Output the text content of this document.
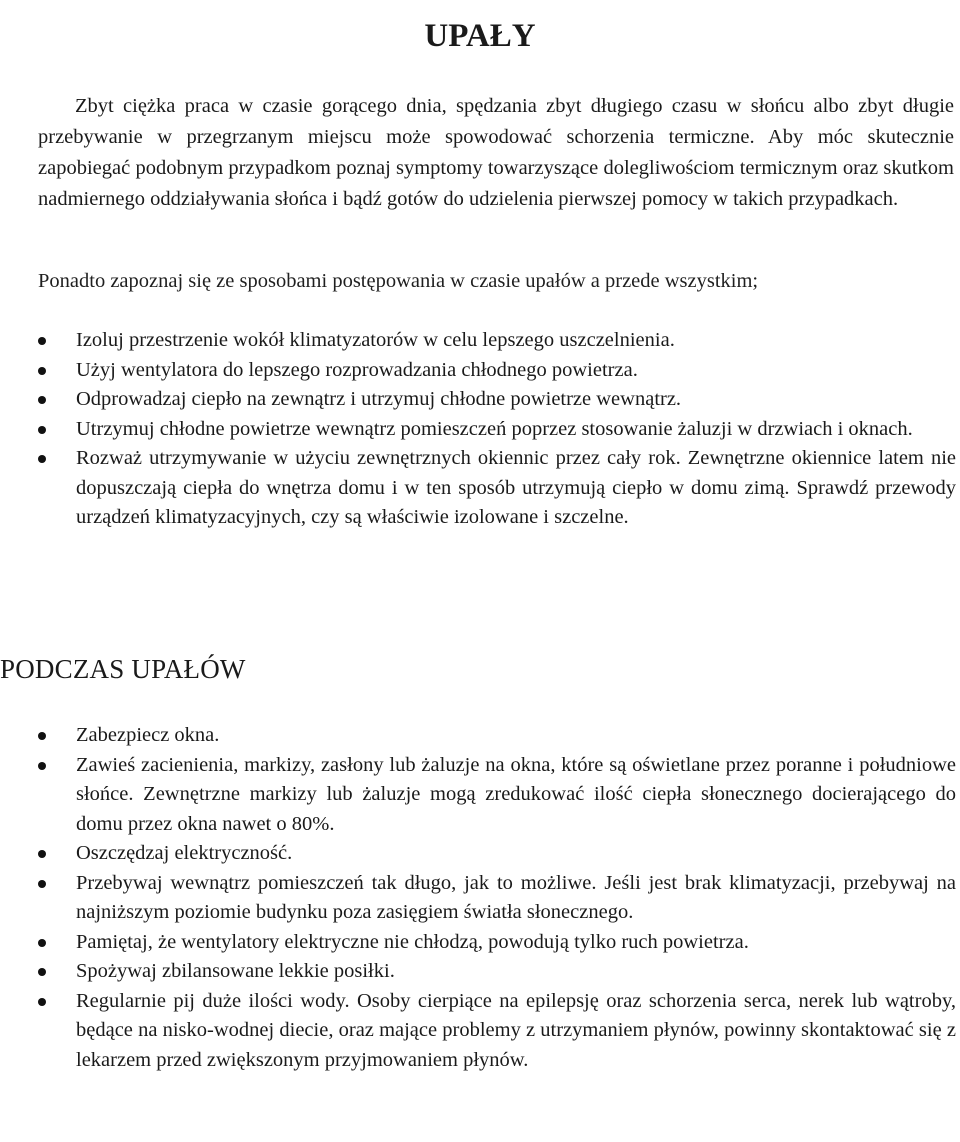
UPAŁY

Zbyt ciężka praca w czasie gorącego dnia, spędzania zbyt długiego czasu w słońcu albo zbyt długie przebywanie w przegrzanym miejscu może spowodować schorzenia termiczne. Aby móc skutecznie zapobiegać podobnym przypadkom poznaj symptomy towarzyszące dolegliwościom termicznym oraz skutkom nadmiernego oddziaływania słońca i bądź gotów do udzielenia pierwszej pomocy w takich przypadkach.

Ponadto zapoznaj się ze sposobami postępowania w czasie upałów a przede wszystkim;

Izoluj przestrzenie wokół klimatyzatorów w celu lepszego uszczelnienia.
Użyj wentylatora do lepszego rozprowadzania chłodnego powietrza.
Odprowadzaj ciepło na zewnątrz i utrzymuj chłodne powietrze wewnątrz.
Utrzymuj chłodne powietrze wewnątrz pomieszczeń poprzez stosowanie żaluzji w drzwiach i oknach.
Rozważ utrzymywanie w użyciu zewnętrznych okiennic przez cały rok. Zewnętrzne okiennice latem nie dopuszczają ciepła do wnętrza domu i w ten sposób utrzymują ciepło w domu zimą. Sprawdź przewody urządzeń klimatyzacyjnych, czy są właściwie izolowane i szczelne.
PODCZAS UPAŁÓW
Zabezpiecz okna.
Zawieś zacienienia, markizy, zasłony lub żaluzje na okna, które są oświetlane przez poranne i południowe słońce. Zewnętrzne markizy lub żaluzje mogą zredukować ilość ciepła słonecznego docierającego do domu przez okna nawet o 80%.
Oszczędzaj elektryczność.
Przebywaj wewnątrz pomieszczeń tak długo, jak to możliwe. Jeśli jest brak klimatyzacji, przebywaj na najniższym poziomie budynku poza zasięgiem światła słonecznego.
Pamiętaj, że wentylatory elektryczne nie chłodzą, powodują tylko ruch powietrza.
Spożywaj zbilansowane lekkie posiłki.
Regularnie pij duże ilości wody. Osoby cierpiące na epilepsję oraz schorzenia serca, nerek lub wątroby, będące na nisko-wodnej diecie, oraz mające problemy z utrzymaniem płynów, powinny skontaktować się z lekarzem przed zwiększonym przyjmowaniem płynów.
